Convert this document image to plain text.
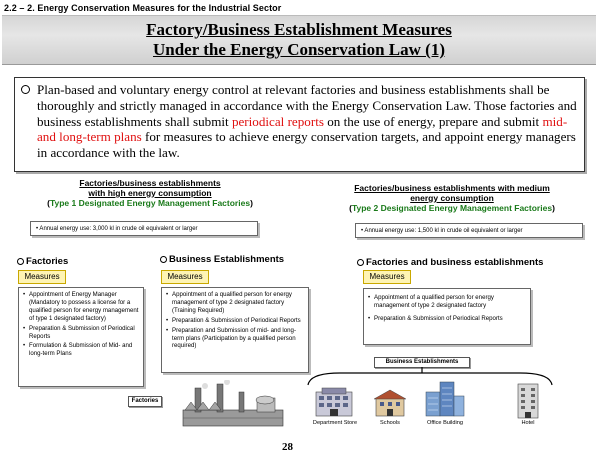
2.2 – 2. Energy Conservation Measures for the Industrial Sector
Factory/Business Establishment Measures
Under the Energy Conservation Law (1)
Plan-based and voluntary energy control at relevant factories and business establishments shall be thoroughly and strictly managed in accordance with the Energy Conservation Law. Those factories and business establishments shall submit periodical reports on the use of energy, prepare and submit mid- and long-term plans for measures to achieve energy conservation targets, and appoint energy managers in accordance with the law.
Factories/business establishments
with high energy consumption
(Type 1 Designated Energy Management Factories)
• Annual energy use: 3,000 kl in crude oil equivalent or larger
Factories/business establishments with medium
energy consumption
(Type 2 Designated Energy Management Factories)
• Annual energy use: 1,500 kl in crude oil equivalent or larger
Factories
Measures
• Appointment of Energy Manager (Mandatory to possess a license for a qualified person for energy management of type 1 designated factory)
• Preparation & Submission of Periodical Reports
• Formulation & Submission of Mid- and long-term Plans
Business Establishments
Measures
• Appointment of a qualified person for energy management of type 2 designated factory (Training Required)
• Preparation & Submission of Periodical Reports
• Preparation and Submission of mid- and long-term plans (Participation by a qualified person required)
Factories and business establishments
Measures
• Appointment of a qualified person for energy management of type 2 designated factory
• Preparation & Submission of Periodical Reports
Factories
Business Establishments
Department Store	Schools	Office Building	Hotel
28
